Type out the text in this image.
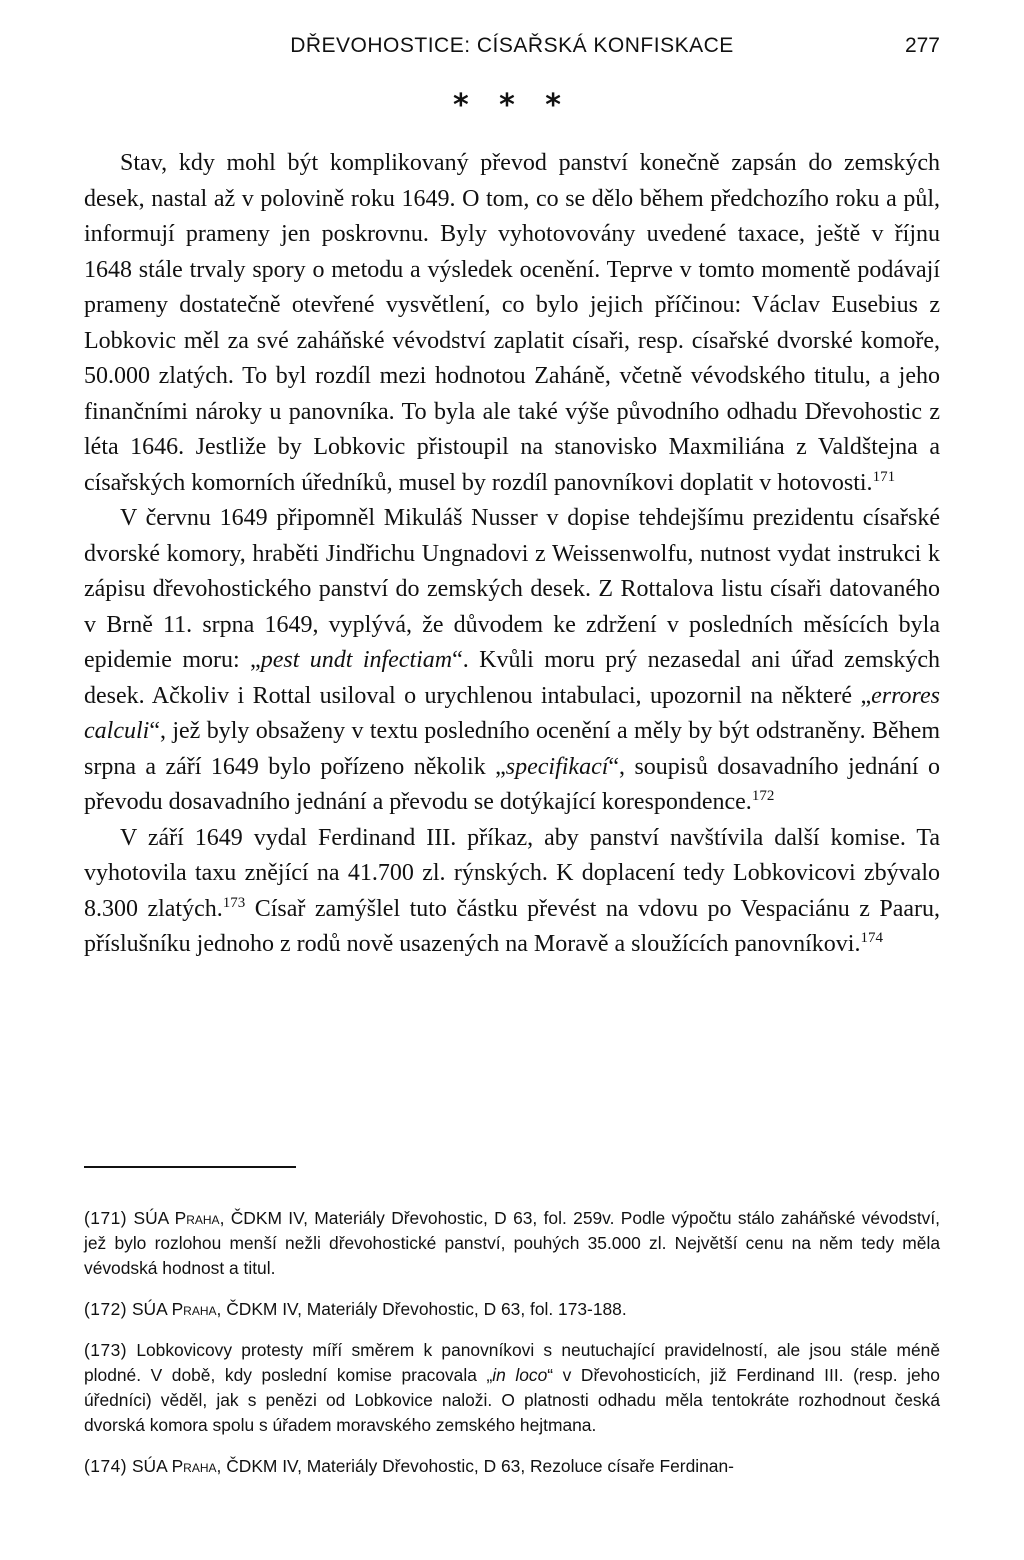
DŘEVOHOSTICE: CÍSAŘSKÁ KONFISKACE	277
* * *

Stav, kdy mohl být komplikovaný převod panství konečně zapsán do zemských desek, nastal až v polovině roku 1649. O tom, co se dělo během předchozího roku a půl, informují prameny jen poskrovnu. Byly vyhotovovány uvedené taxace, ještě v říjnu 1648 stále trvaly spory o metodu a výsledek ocenění. Teprve v tomto momentě podávají prameny dostatečně otevřené vysvětlení, co bylo jejich příčinou: Václav Eusebius z Lobkovic měl za své zaháňské vévodství zaplatit císaři, resp. císařské dvorské komoře, 50.000 zlatých. To byl rozdíl mezi hodnotou Zaháně, včetně vévodského titulu, a jeho finančními nároky u panovníka. To byla ale také výše původního odhadu Dřevohostic z léta 1646. Jestliže by Lobkovic přistoupil na stanovisko Maxmiliána z Valdštejna a císařských komorních úředníků, musel by rozdíl panovníkovi doplatit v hotovosti.$^{171}$

V červnu 1649 připomněl Mikuláš Nusser v dopise tehdejšímu prezidentu císařské dvorské komory, hraběti Jindřichu Ungnadovi z Weissenwolfu, nutnost vydat instrukci k zápisu dřevohostického panství do zemských desek. Z Rottalova listu císaři datovaného v Brně 11. srpna 1649, vyplývá, že důvodem ke zdržení v posledních měsících byla epidemie moru: „pest undt infectiam“. Kvůli moru prý nezasedal ani úřad zemských desek. Ačkoliv i Rottal usiloval o urychlenou intabulaci, upozornil na některé „errores calculi“, jež byly obsaženy v textu posledního ocenění a měly by být odstraněny. Během srpna a září 1649 bylo pořízeno několik „specifikací“, soupisů dosavadního jednání o převodu dosavadního jednání a převodu se dotýkající korespondence.$^{172}$

V září 1649 vydal Ferdinand III. příkaz, aby panství navštívila další komise. Ta vyhotovila taxu znějící na 41.700 zl. rýnských. K doplacení tedy Lobkovicovi zbývalo 8.300 zlatých.$^{173}$ Císař zamýšlel tuto částku převést na vdovu po Vespaciánu z Paaru, příslušníku jednoho z rodů nově usazených na Moravě a sloužících panovníkovi.$^{174}$

(171) SÚA Praha, ČDKM IV, Materiály Dřevohostic, D 63, fol. 259v. Podle výpočtu stálo zaháňské vévodství, jež bylo rozlohou menší nežli dřevohostické panství, pouhých 35.000 zl. Největší cenu na něm tedy měla vévodská hodnost a titul.

(172) SÚA Praha, ČDKM IV, Materiály Dřevohostic, D 63, fol. 173-188.

(173) Lobkovicovy protesty míří směrem k panovníkovi s neutuchající pravidelností, ale jsou stále méně plodné. V době, kdy poslední komise pracovala „in loco“ v Dřevohosticích, již Ferdinand III. (resp. jeho úředníci) věděl, jak s penězi od Lobkovice naloži. O platnosti odhadu měla tentokráte rozhodnout česká dvorská komora spolu s úřadem moravského zemského hejtmana.

(174) SÚA Praha, ČDKM IV, Materiály Dřevohostic, D 63, Rezoluce císaře Ferdinan-
